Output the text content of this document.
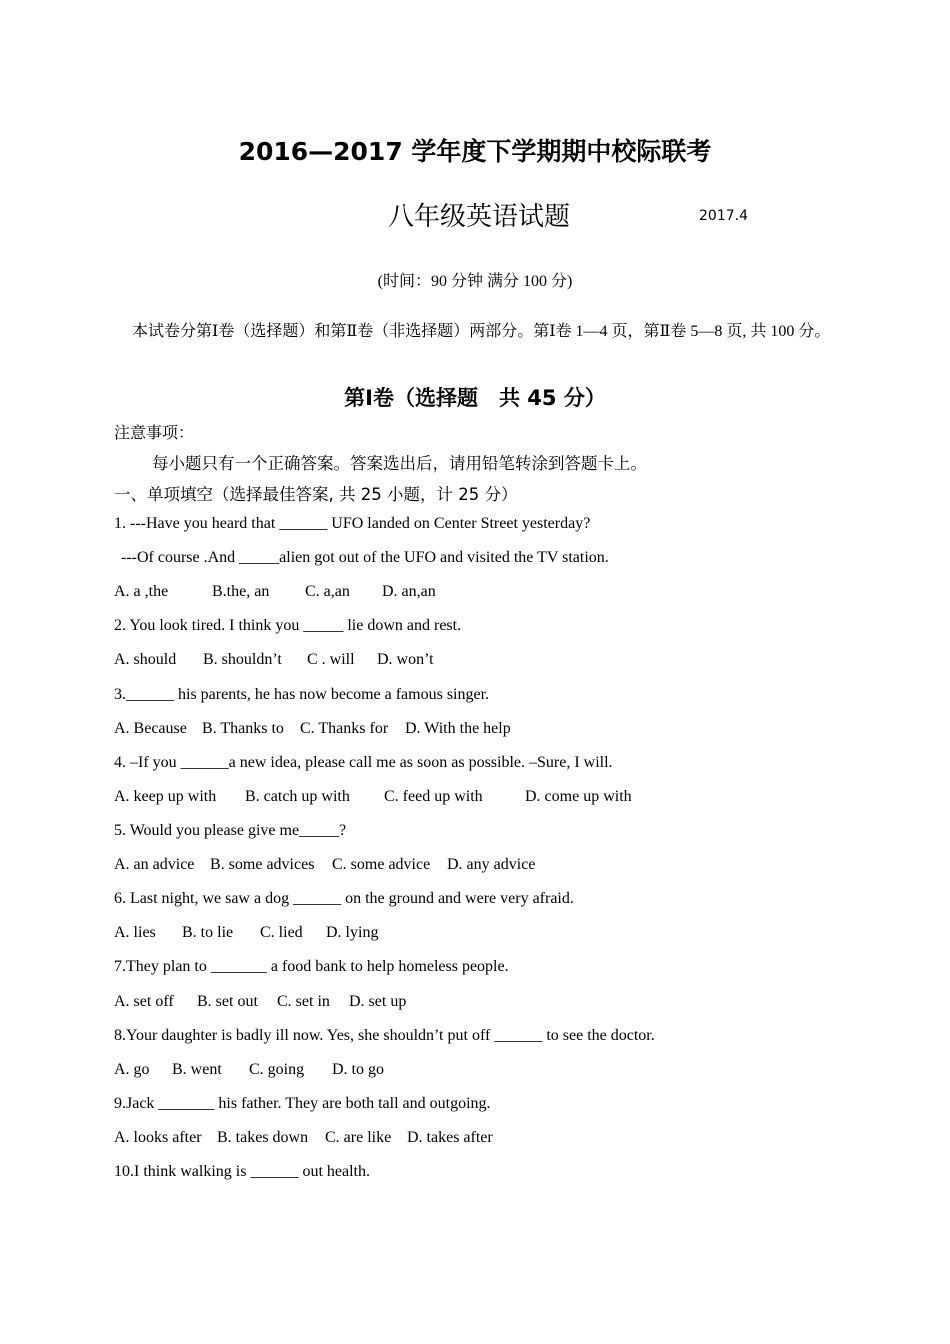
2016—2017 学年度下学期期中校际联考
八年级英语试题	2017.4
(时间：90 分钟 满分 100 分)
本试卷分第Ⅰ卷（选择题）和第Ⅱ卷（非选择题）两部分。第Ⅰ卷 1—4 页，第Ⅱ卷 5—8 页, 共 100 分。
第Ⅰ卷（选择题　共 45 分）
注意事项：
每小题只有一个正确答案。答案选出后，请用铅笔转涂到答题卡上。
一、单项填空（选择最佳答案, 共 25 小题，计 25 分）
1. ---Have you heard that ______ UFO landed on Center Street yesterday?
---Of course .And _____alien got out of the UFO and visited the TV station.
A. a ,the	B.the, an C. a,an D. an,an
2. You look tired. I think you _____ lie down and rest.
A. should B. shouldn’t C . will D. won’t
3.______ his parents, he has now become a famous singer.
A. Because B. Thanks to C. Thanks for D. With the help
4. –If you ______a new idea, please call me as soon as possible. –Sure, I will.
A. keep up with B. catch up with C. feed up with	D. come up with
5. Would you please give me_____?
A. an advice B. some advices C. some advice D. any advice
6. Last night, we saw a dog ______ on the ground and were very afraid.
A. lies B. to lie C. lied D. lying
7.They plan to _______ a food bank to help homeless people.
A. set off B. set out C. set in D. set up
8.Your daughter is badly ill now. Yes, she shouldn’t put off ______ to see the doctor.
A. go B. went C. going D. to go
9.Jack _______ his father. They are both tall and outgoing.
A. looks after B. takes down C. are like D. takes after
10.I think walking is ______ out health.
